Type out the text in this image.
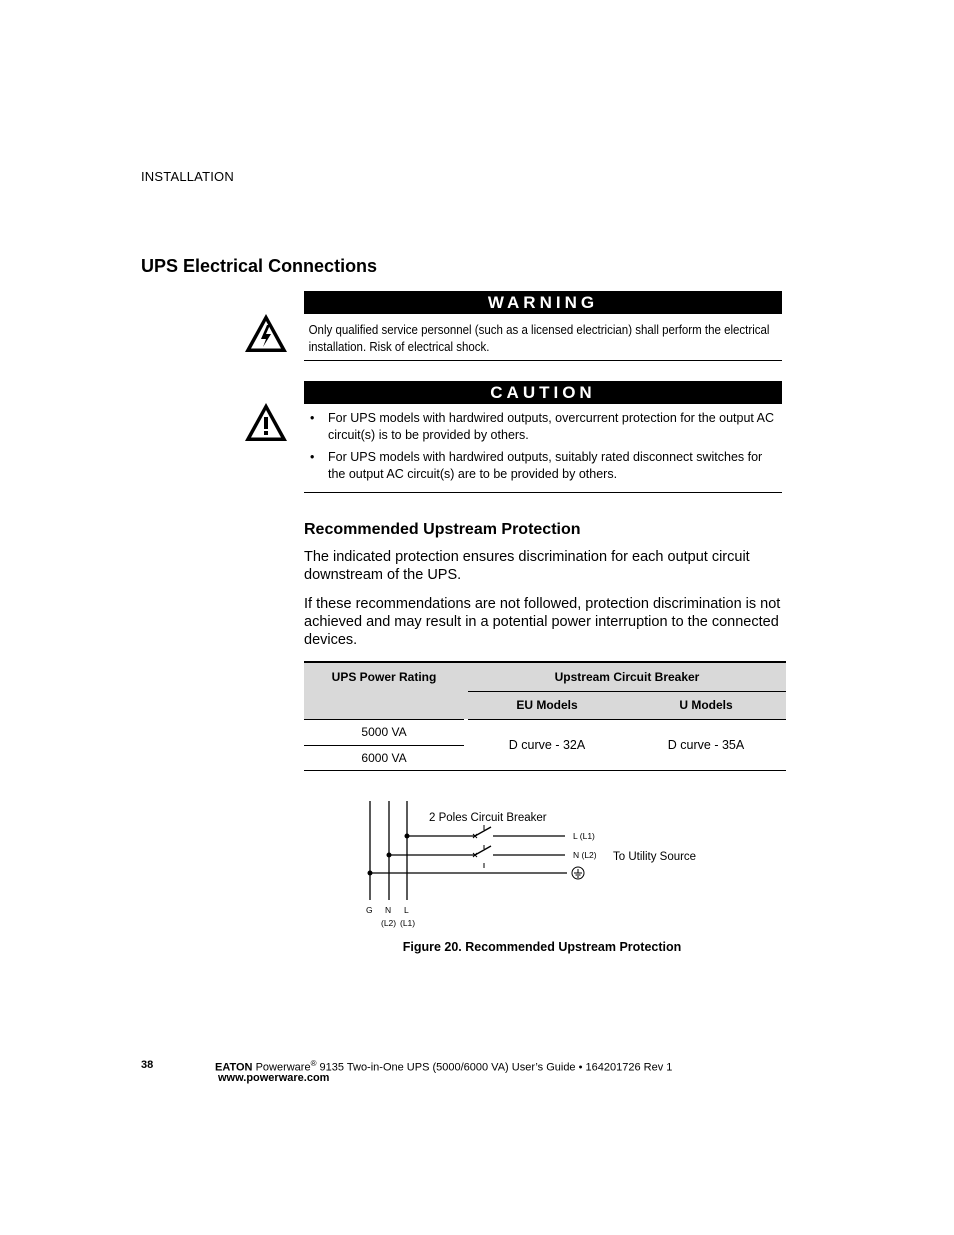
INSTALLATION
UPS Electrical Connections
WARNING
Only qualified service personnel (such as a licensed electrician) shall perform the electrical installation. Risk of electrical shock.
CAUTION
• For UPS models with hardwired outputs, overcurrent protection for the output AC circuit(s) is to be provided by others.
• For UPS models with hardwired outputs, suitably rated disconnect switches for the output AC circuit(s) are to be provided by others.
Recommended Upstream Protection
The indicated protection ensures discrimination for each output circuit downstream of the UPS.
If these recommendations are not followed, protection discrimination is not achieved and may result in a potential power interruption to the connected devices.
UPS Power Rating		Upstream Circuit Breaker	
		EU Models	U Models
5000 VA		D curve - 32A	D curve - 35A
6000 VA			
2 Poles Circuit Breaker
L (L1)
N (L2) To Utility Source
G N
(L2)
L
(L1)
Figure 20. Recommended Upstream Protection
38	EATON Powerware® 9135 Two-in-One UPS (5000/6000 VA) User’s Guide • 164201726 Rev 1
www.powerware.com
